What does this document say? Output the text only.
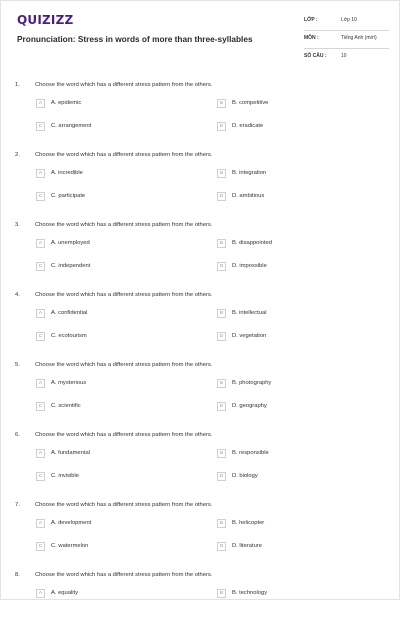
QUIZIZZ
Pronunciation: Stress in words of more than three-syllables
LỚP :	Lớp 10
MÔN :	Tiếng Anh (mới)
SỐ CÂU :	10
1.	Choose the word which has a different stress pattern from the others.
A	A. epidemic	B	B. competitive
C	C. arrangement	D	D. eradicate
2.	Choose the word which has a different stress pattern from the others.
A	A. incredible	B	B. integration
C	C. participate	D	D. ambitious
3.	Choose the word which has a different stress pattern from the others.
A	A. unemployed	B	B. disappointed
C	C. independent	D	D. impossible
4.	Choose the word which has a different stress pattern from the others.
A	A. confidential	B	B. intellectual
C	C. ecotourism	D	D. vegetation
5.	Choose the word which has a different stress pattern from the others.
A	A. mysterious	B	B. photography
C	C. scientific	D	D. geography
6.	Choose the word which has a different stress pattern from the others.
A	A. fundamental	B	B. responsible
C	C. invisible	D	D. biology
7.	Choose the word which has a different stress pattern from the others.
A	A. development	B	B. helicopter
C	C. watermelon	D	D. literature
8.	Choose the word which has a different stress pattern from the others.
A	A. equality	B	B. technology
